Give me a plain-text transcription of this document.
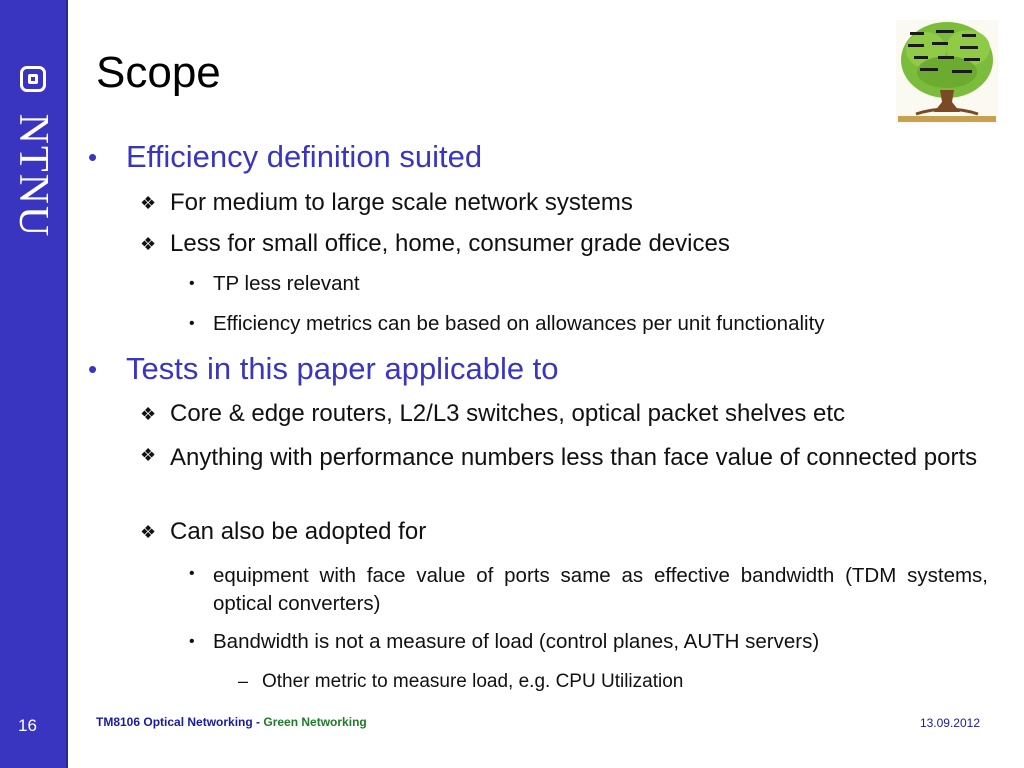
NTNU
16
Scope
• Efficiency definition suited
❖ For medium to large scale network systems
❖ Less for small office, home, consumer grade devices
• TP less relevant
• Efficiency metrics can be based on allowances per unit functionality
• Tests in this paper applicable to
❖ Core & edge routers, L2/L3 switches, optical packet shelves etc
❖ Anything with performance numbers less than face value of connected ports
❖ Can also be adopted for
• equipment with face value of ports same as effective bandwidth (TDM systems, optical converters)
• Bandwidth is not a measure of load (control planes, AUTH servers)
– Other metric to measure load, e.g. CPU Utilization
TM8106 Optical Networking - Green Networking	13.09.2012
